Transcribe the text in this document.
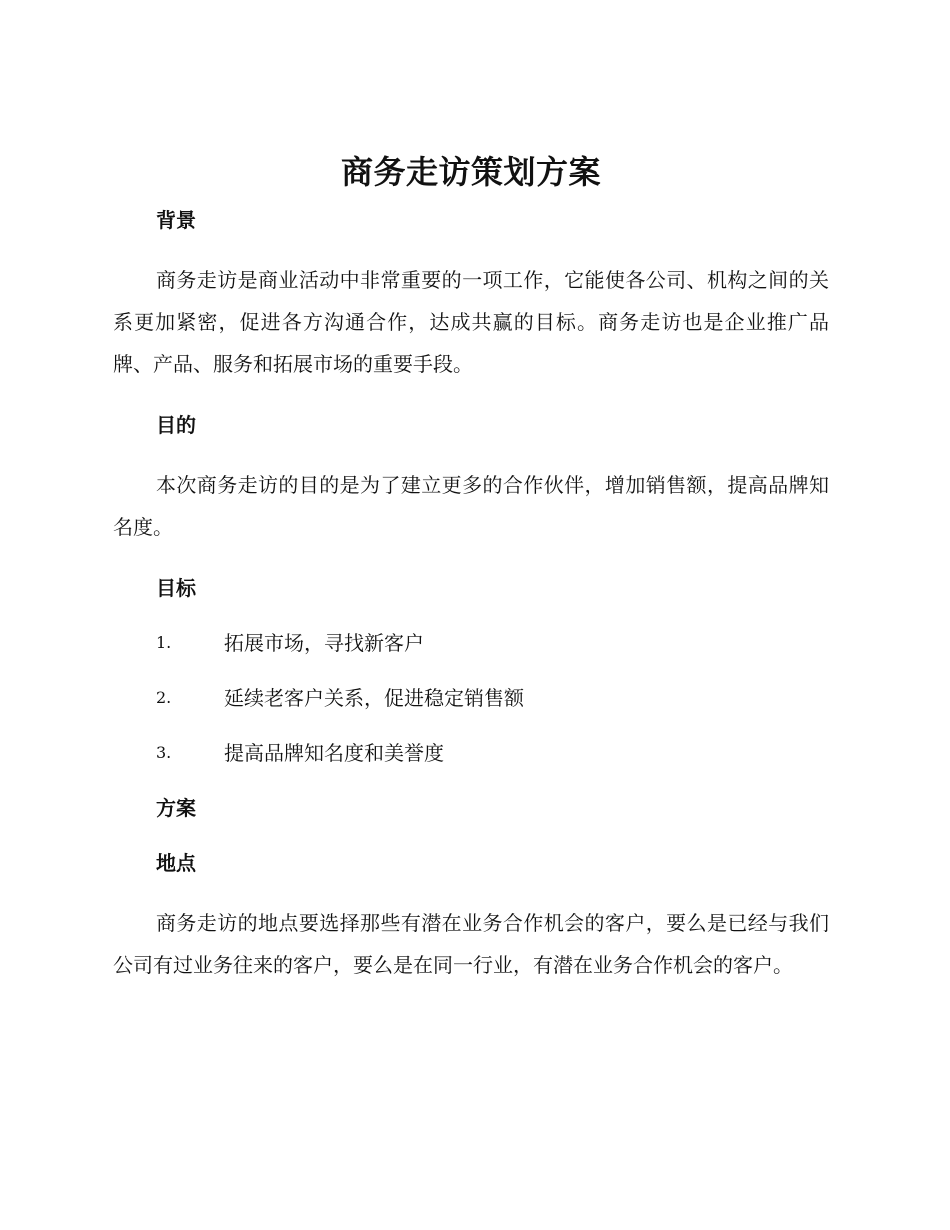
商务走访策划方案
背景

商务走访是商业活动中非常重要的一项工作，它能使各公司、机构之间的关系更加紧密，促进各方沟通合作，达成共赢的目标。商务走访也是企业推广品牌、产品、服务和拓展市场的重要手段。

目的

本次商务走访的目的是为了建立更多的合作伙伴，增加销售额，提高品牌知名度。

目标
1.	拓展市场，寻找新客户
2.	延续老客户关系，促进稳定销售额
3.	提高品牌知名度和美誉度
方案
地点

商务走访的地点要选择那些有潜在业务合作机会的客户，要么是已经与我们公司有过业务往来的客户，要么是在同一行业，有潜在业务合作机会的客户。
